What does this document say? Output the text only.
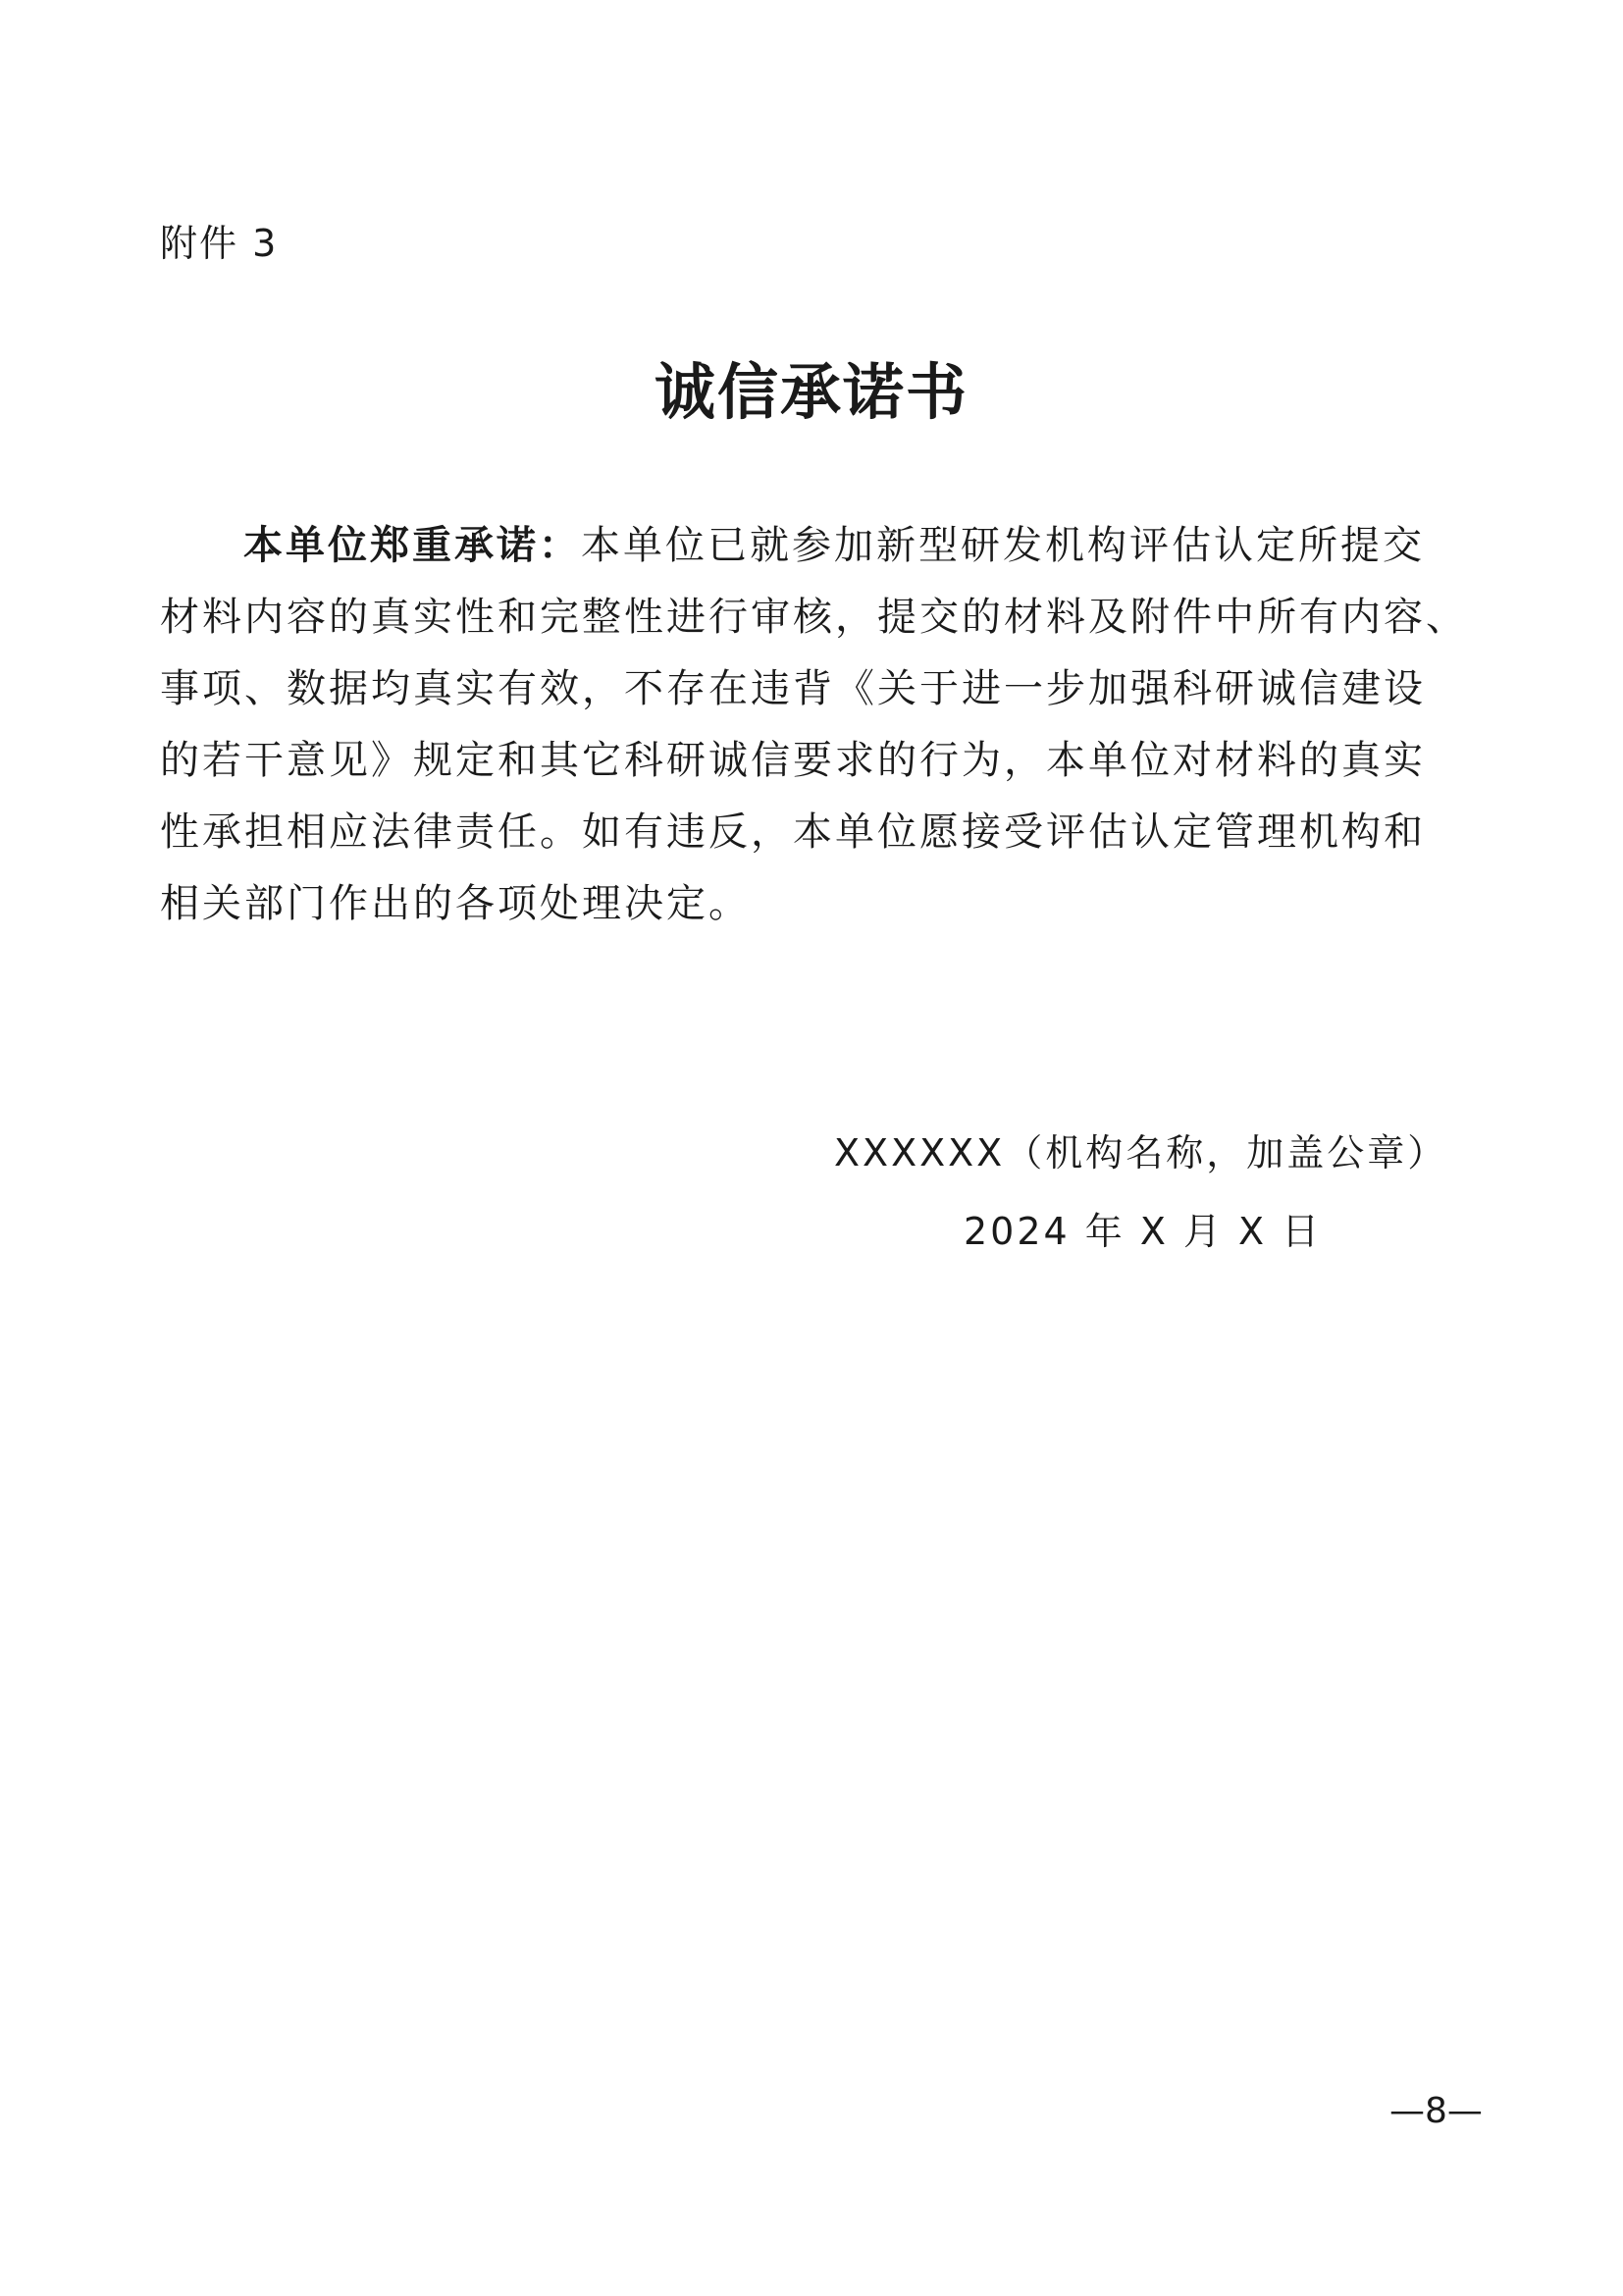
附件 3
诚信承诺书
本单位郑重承诺：本单位已就参加新型研发机构评估认定所提交
材料内容的真实性和完整性进行审核，提交的材料及附件中所有内容、
事项、数据均真实有效，不存在违背《关于进一步加强科研诚信建设
的若干意见》规定和其它科研诚信要求的行为，本单位对材料的真实
性承担相应法律责任。如有违反，本单位愿接受评估认定管理机构和
相关部门作出的各项处理决定。
XXXXXX（机构名称，加盖公章）
2024 年 X 月 X 日
—8—
